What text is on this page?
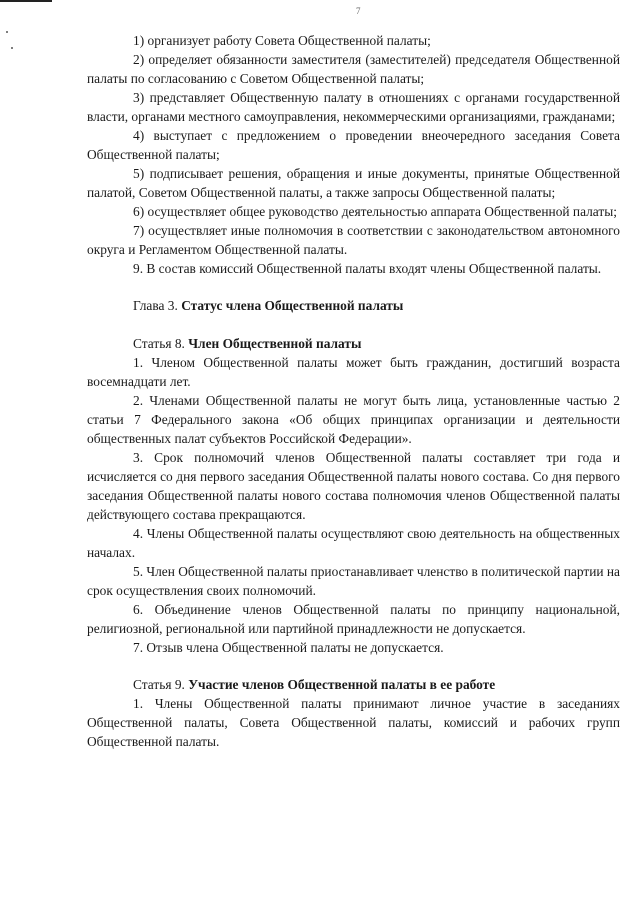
7

1) организует работу Совета Общественной палаты;

2) определяет обязанности заместителя (заместителей) председателя Общественной палаты по согласованию с Советом Общественной палаты;

3) представляет Общественную палату в отношениях с органами государственной власти, органами местного самоуправления, некоммерческими организациями, гражданами;

4) выступает с предложением о проведении внеочередного заседания Совета Общественной палаты;

5) подписывает решения, обращения и иные документы, принятые Общественной палатой, Советом Общественной палаты, а также запросы Общественной палаты;

6) осуществляет общее руководство деятельностью аппарата Общественной палаты;

7) осуществляет иные полномочия в соответствии с законодательством автономного округа и Регламентом Общественной палаты.

9. В состав комиссий Общественной палаты входят члены Общественной палаты.

Глава 3. Статус члена Общественной палаты
Статья 8. Член Общественной палаты

1. Членом Общественной палаты может быть гражданин, достигший возраста восемнадцати лет.

2. Членами Общественной палаты не могут быть лица, установленные частью 2 статьи 7 Федерального закона «Об общих принципах организации и деятельности общественных палат субъектов Российской Федерации».

3. Срок полномочий членов Общественной палаты составляет три года и исчисляется со дня первого заседания Общественной палаты нового состава. Со дня первого заседания Общественной палаты нового состава полномочия членов Общественной палаты действующего состава прекращаются.

4. Члены Общественной палаты осуществляют свою деятельность на общественных началах.

5. Член Общественной палаты приостанавливает членство в политической партии на срок осуществления своих полномочий.

6. Объединение членов Общественной палаты по принципу национальной, религиозной, региональной или партийной принадлежности не допускается.

7. Отзыв члена Общественной палаты не допускается.

Статья 9. Участие членов Общественной палаты в ее работе

1. Члены Общественной палаты принимают личное участие в заседаниях Общественной палаты, Совета Общественной палаты, комиссий и рабочих групп Общественной палаты.
